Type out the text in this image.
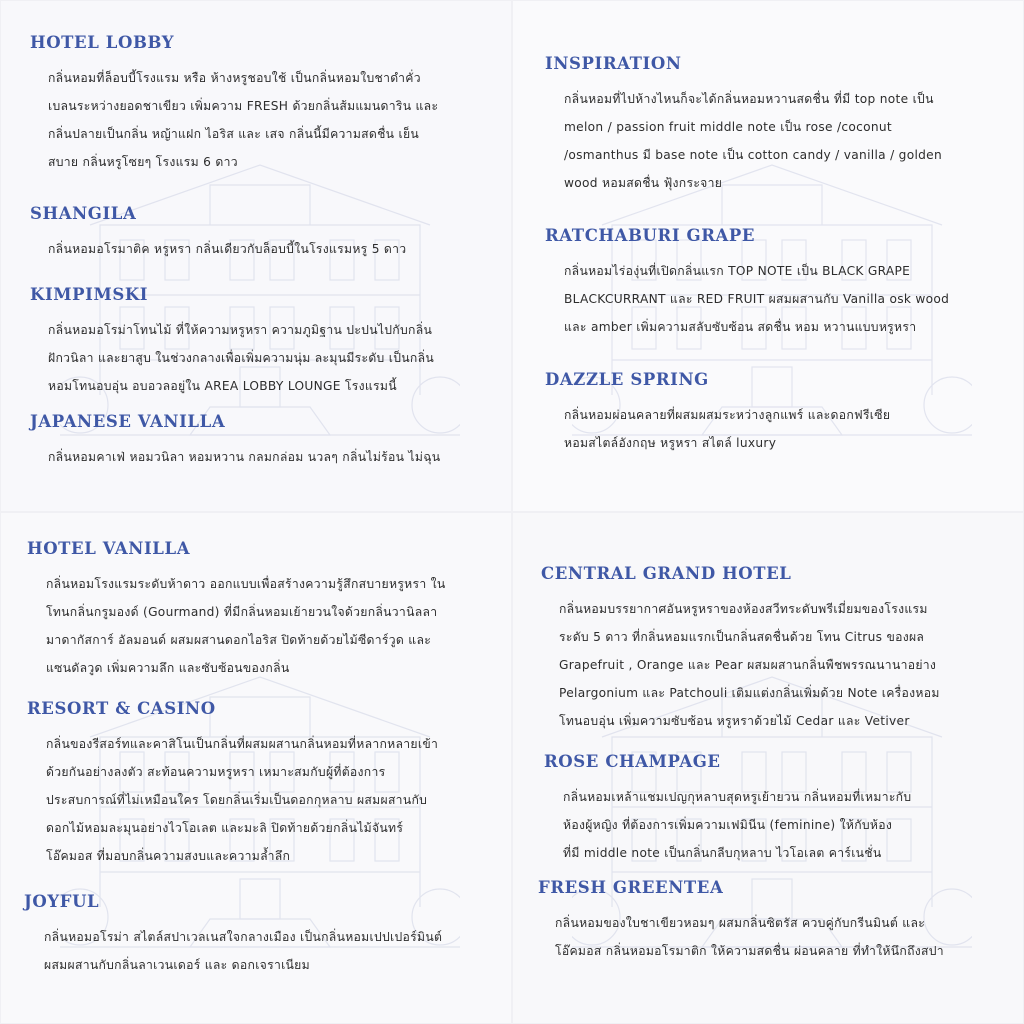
HOTEL LOBBY
กลิ่นหอมที่ล็อบบี้โรงแรม หรือ ห้างหรูชอบใช้ เป็นกลิ่นหอมใบชาดำคั่ว
เบลนระหว่างยอดชาเขียว เพิ่มความ FRESH ด้วยกลิ่นส้มแมนดาริน และ
กลิ่นปลายเป็นกลิ่น หญ้าแฝก ไอริส และ เสจ กลิ่นนี้มีความสดชื่น เย็น
สบาย กลิ่นหรูโซยๆ โรงแรม 6 ดาว
SHANGILA
กลิ่นหอมอโรมาติค หรูหรา กลิ่นเดียวกับล็อบบี้ในโรงแรมหรู 5 ดาว
KIMPIMSKI
กลิ่นหอมอโรม่าโทนไม้ ที่ให้ความหรูหรา ความภูมิฐาน ปะปนไปกับกลิ่น
ฝักวนิลา และยาสูบ ในช่วงกลางเพื่อเพิ่มความนุ่ม ละมุนมีระดับ เป็นกลิ่น
หอมโทนอบอุ่น อบอวลอยู่ใน AREA LOBBY LOUNGE โรงแรมนี้
JAPANESE VANILLA
กลิ่นหอมคาเฟ่ หอมวนิลา หอมหวาน กลมกล่อม นวลๆ กลิ่นไม่ร้อน ไม่ฉุน
INSPIRATION
กลิ่นหอมที่ไปห้างไหนก็จะได้กลิ่นหอมหวานสดชื่น ที่มี top note เป็น
melon / passion fruit middle note เป็น rose /coconut
/osmanthus มี base note เป็น cotton candy / vanilla / golden
wood หอมสดชื่น ฟุ้งกระจาย
RATCHABURI GRAPE
กลิ่นหอมไร่องุ่นที่เปิดกลิ่นแรก TOP NOTE เป็น BLACK GRAPE
BLACKCURRANT และ RED FRUIT ผสมผสานกับ Vanilla osk wood
และ amber เพิ่มความสลับซับซ้อน สดชื่น หอม หวานแบบหรูหรา
DAZZLE SPRING
กลิ่นหอมผ่อนคลายที่ผสมผสมระหว่างลูกแพร์ และดอกฟรีเซีย
หอมสไตล์อังกฤษ หรูหรา สไตล์ luxury
HOTEL VANILLA
กลิ่นหอมโรงแรมระดับห้าดาว ออกแบบเพื่อสร้างความรู้สึกสบายหรูหรา ใน
โทนกลิ่นกรูมองด์ (Gourmand) ที่มีกลิ่นหอมเย้ายวนใจด้วยกลิ่นวานิลลา
มาดากัสการ์ อัลมอนด์ ผสมผสานดอกไอริส ปิดท้ายด้วยไม้ซีดาร์วูด และ
แซนดัลวูด เพิ่มความลึก และซับซ้อนของกลิ่น
RESORT & CASINO
กลิ่นของรีสอร์ทและคาสิโนเป็นกลิ่นที่ผสมผสานกลิ่นหอมที่หลากหลายเข้า
ด้วยกันอย่างลงตัว สะท้อนความหรูหรา เหมาะสมกับผู้ที่ต้องการ
ประสบการณ์ที่ไม่เหมือนใคร โดยกลิ่นเริ่มเป็นดอกกุหลาบ ผสมผสานกับ
ดอกไม้หอมละมุนอย่างไวโอเลต และมะลิ ปิดท้ายด้วยกลิ่นไม้จันทร์
โอ๊คมอส ที่มอบกลิ่นความสงบและความล้ำลึก
JOYFUL
กลิ่นหอมอโรม่า สไตล์สปาเวลเนสใจกลางเมือง เป็นกลิ่นหอมเปปเปอร์มินต์
ผสมผสานกับกลิ่นลาเวนเดอร์ และ ดอกเจราเนียม
CENTRAL GRAND HOTEL
กลิ่นหอมบรรยากาศอันหรูหราของห้องสวีทระดับพรีเมี่ยมของโรงแรม
ระดับ 5 ดาว ที่กลิ่นหอมแรกเป็นกลิ่นสดชื่นด้วย โทน Citrus ของผล
Grapefruit , Orange และ Pear ผสมผสานกลิ่นพืชพรรณนานาอย่าง
Pelargonium และ Patchouli เติมแต่งกลิ่นเพิ่มด้วย Note เครื่องหอม
โทนอบอุ่น เพิ่มความซับซ้อน หรูหราด้วยไม้ Cedar และ Vetiver
ROSE CHAMPAGE
กลิ่นหอมเหล้าแชมเปญกุหลาบสุดหรูเย้ายวน กลิ่นหอมที่เหมาะกับ
ห้องผู้หญิง ที่ต้องการเพิ่มความเฟมินีน (feminine) ให้กับห้อง
ที่มี middle note เป็นกลิ่นกลีบกุหลาบ ไวโอเลต คาร์เนชั่น
FRESH GREENTEA
กลิ่นหอมของใบชาเขียวหอมๆ ผสมกลิ่นซิตรัส ควบคู่กับกรีนมินต์ และ
โอ๊คมอส กลิ่นหอมอโรมาติก ให้ความสดชื่น ผ่อนคลาย ที่ทำให้นึกถึงสปา
